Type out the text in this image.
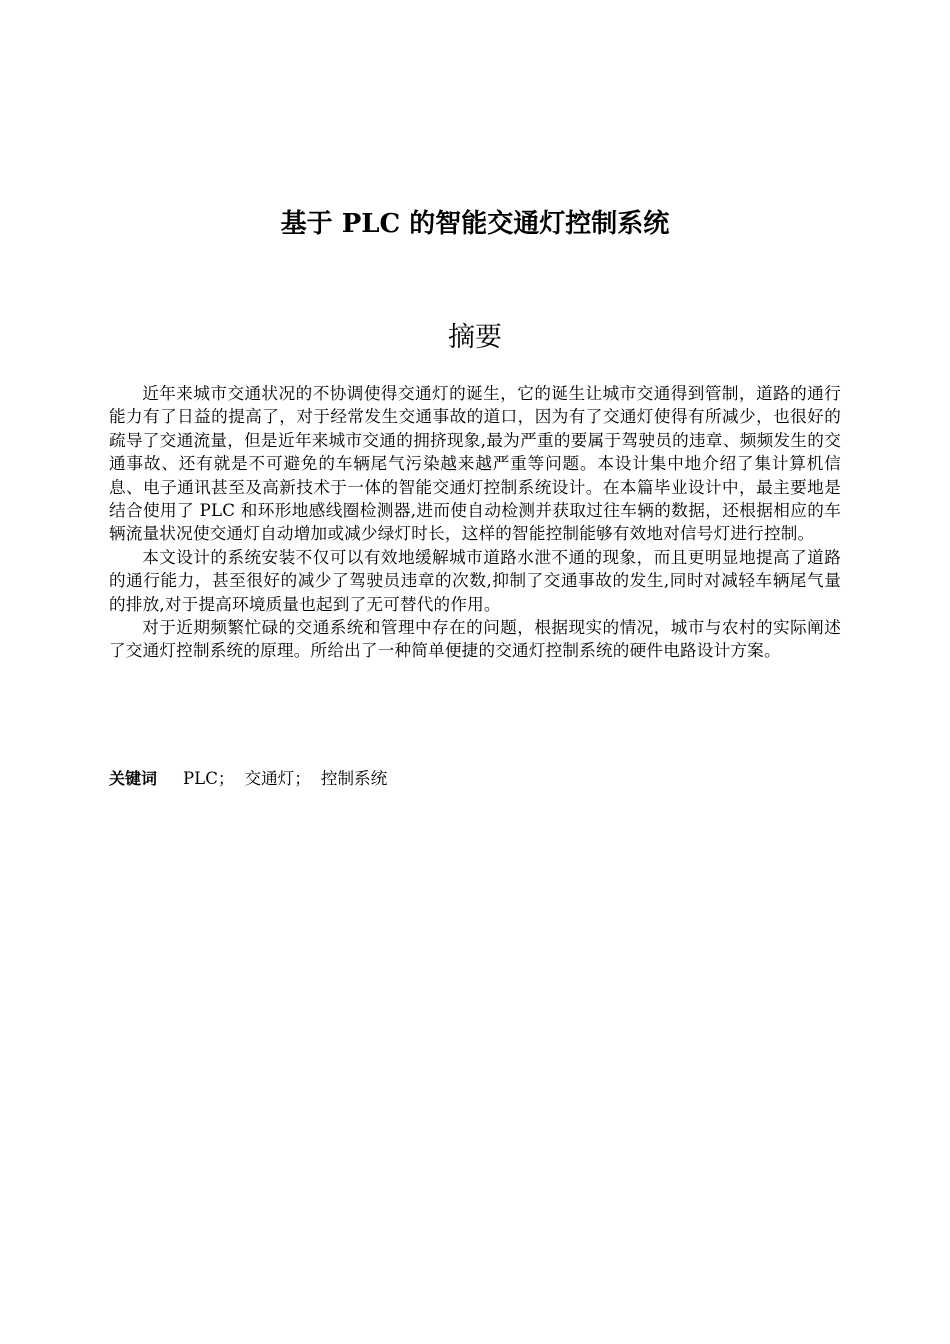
基于 PLC 的智能交通灯控制系统
摘要

近年来城市交通状况的不协调使得交通灯的诞生，它的诞生让城市交通得到管制，道路的通行能力有了日益的提高了，对于经常发生交通事故的道口，因为有了交通灯使得有所减少，也很好的疏导了交通流量，但是近年来城市交通的拥挤现象,最为严重的要属于驾驶员的违章、频频发生的交通事故、还有就是不可避免的车辆尾气污染越来越严重等问题。本设计集中地介绍了集计算机信息、电子通讯甚至及高新技术于一体的智能交通灯控制系统设计。在本篇毕业设计中，最主要地是结合使用了 PLC 和环形地感线圈检测器,进而使自动检测并获取过往车辆的数据，还根据相应的车辆流量状况使交通灯自动增加或减少绿灯时长，这样的智能控制能够有效地对信号灯进行控制。

本文设计的系统安装不仅可以有效地缓解城市道路水泄不通的现象，而且更明显地提高了道路的通行能力，甚至很好的减少了驾驶员违章的次数,抑制了交通事故的发生,同时对减轻车辆尾气量的排放,对于提高环境质量也起到了无可替代的作用。

对于近期频繁忙碌的交通系统和管理中存在的问题，根据现实的情况，城市与农村的实际阐述了交通灯控制系统的原理。所给出了一种简单便捷的交通灯控制系统的硬件电路设计方案。

关键词 PLC； 交通灯； 控制系统
